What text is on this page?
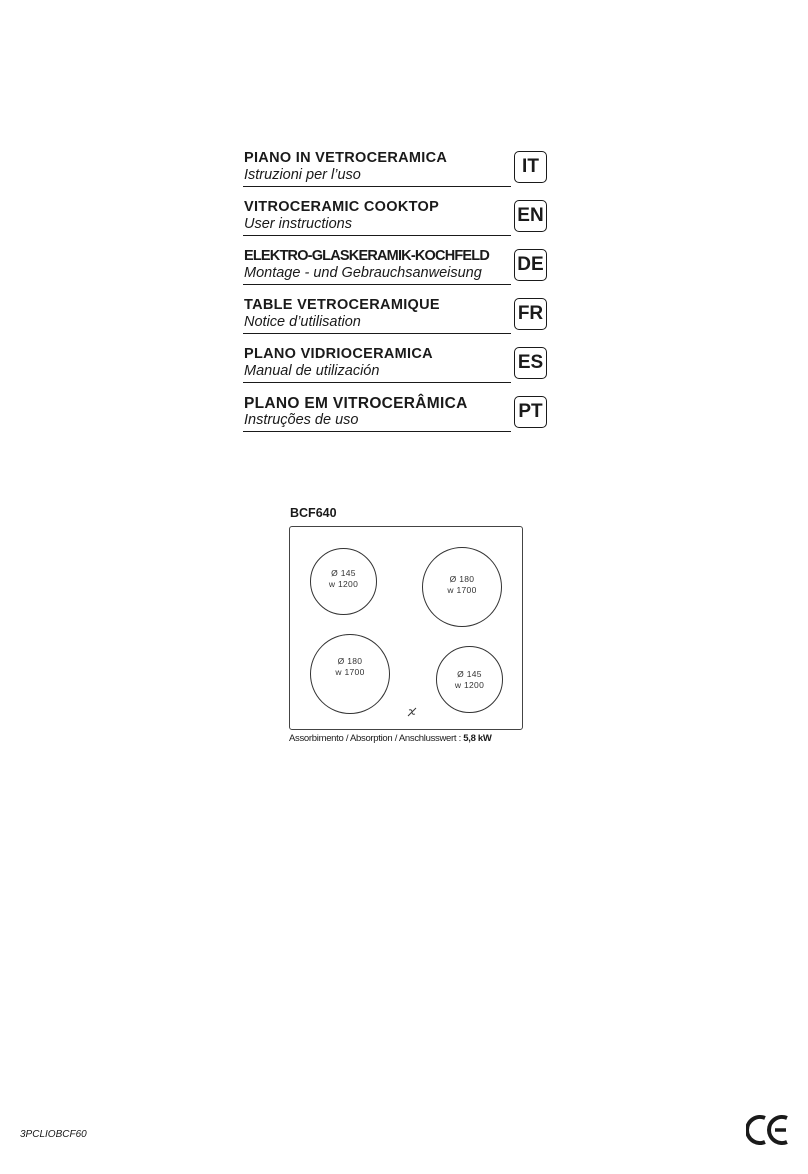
PIANO IN VETROCERAMICA
Istruzioni per l’uso	IT
VITROCERAMIC COOKTOP
User instructions	EN
ELEKTRO-GLASKERAMIK-KOCHFELD
Montage - und Gebrauchsanweisung DE
TABLE VETROCERAMIQUE
Notice d’utilisation	FR
PLANO VIDRIOCERAMICA
Manual de utilización	ES
PLANO EM VITROCERÂMICA
Instruções de uso	PT
BCF640
Ø 145
w 1200	Ø 180
w 1700
Ø 180
w 1700	Ø 145
w 1200
Assorbimento / Absorption / Anschlusswert : 5,8 kW
3PCLIOBCF60
